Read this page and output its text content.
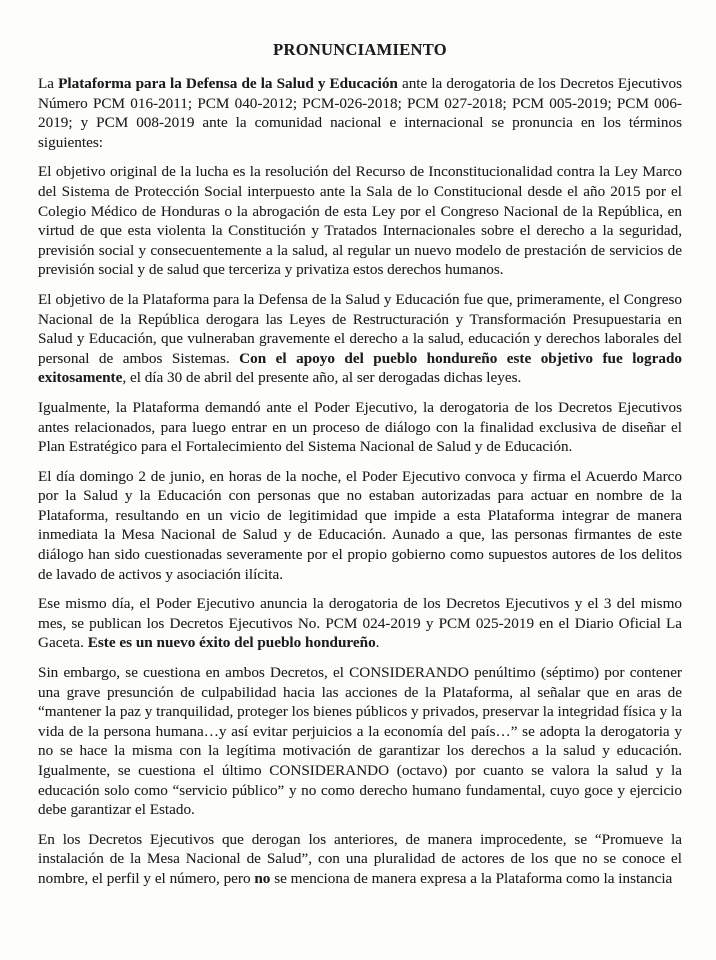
PRONUNCIAMIENTO

La Plataforma para la Defensa de la Salud y Educación ante la derogatoria de los Decretos Ejecutivos Número PCM 016-2011; PCM 040-2012; PCM-026-2018; PCM 027-2018; PCM 005-2019; PCM 006-2019; y PCM 008-2019 ante la comunidad nacional e internacional se pronuncia en los términos siguientes:

El objetivo original de la lucha es la resolución del Recurso de Inconstitucionalidad contra la Ley Marco del Sistema de Protección Social interpuesto ante la Sala de lo Constitucional desde el año 2015 por el Colegio Médico de Honduras o la abrogación de esta Ley por el Congreso Nacional de la República, en virtud de que esta violenta la Constitución y Tratados Internacionales sobre el derecho a la seguridad, previsión social y consecuentemente a la salud, al regular un nuevo modelo de prestación de servicios de previsión social y de salud que terceriza y privatiza estos derechos humanos.

El objetivo de la Plataforma para la Defensa de la Salud y Educación fue que, primeramente, el Congreso Nacional de la República derogara las Leyes de Restructuración y Transformación Presupuestaria en Salud y Educación, que vulneraban gravemente el derecho a la salud, educación y derechos laborales del personal de ambos Sistemas. Con el apoyo del pueblo hondureño este objetivo fue logrado exitosamente, el día 30 de abril del presente año, al ser derogadas dichas leyes.

Igualmente, la Plataforma demandó ante el Poder Ejecutivo, la derogatoria de los Decretos Ejecutivos antes relacionados, para luego entrar en un proceso de diálogo con la finalidad exclusiva de diseñar el Plan Estratégico para el Fortalecimiento del Sistema Nacional de Salud y de Educación.

El día domingo 2 de junio, en horas de la noche, el Poder Ejecutivo convoca y firma el Acuerdo Marco por la Salud y la Educación con personas que no estaban autorizadas para actuar en nombre de la Plataforma, resultando en un vicio de legitimidad que impide a esta Plataforma integrar de manera inmediata la Mesa Nacional de Salud y de Educación. Aunado a que, las personas firmantes de este diálogo han sido cuestionadas severamente por el propio gobierno como supuestos autores de los delitos de lavado de activos y asociación ilícita.

Ese mismo día, el Poder Ejecutivo anuncia la derogatoria de los Decretos Ejecutivos y el 3 del mismo mes, se publican los Decretos Ejecutivos No. PCM 024-2019 y PCM 025-2019 en el Diario Oficial La Gaceta. Este es un nuevo éxito del pueblo hondureño.

Sin embargo, se cuestiona en ambos Decretos, el CONSIDERANDO penúltimo (séptimo) por contener una grave presunción de culpabilidad hacia las acciones de la Plataforma, al señalar que en aras de “mantener la paz y tranquilidad, proteger los bienes públicos y privados, preservar la integridad física y la vida de la persona humana…y así evitar perjuicios a la economía del país…” se adopta la derogatoria y no se hace la misma con la legítima motivación de garantizar los derechos a la salud y educación. Igualmente, se cuestiona el último CONSIDERANDO (octavo) por cuanto se valora la salud y la educación solo como “servicio público” y no como derecho humano fundamental, cuyo goce y ejercicio debe garantizar el Estado.

En los Decretos Ejecutivos que derogan los anteriores, de manera improcedente, se “Promueve la instalación de la Mesa Nacional de Salud”, con una pluralidad de actores de los que no se conoce el nombre, el perfil y el número, pero no se menciona de manera expresa a la Plataforma como la instancia
